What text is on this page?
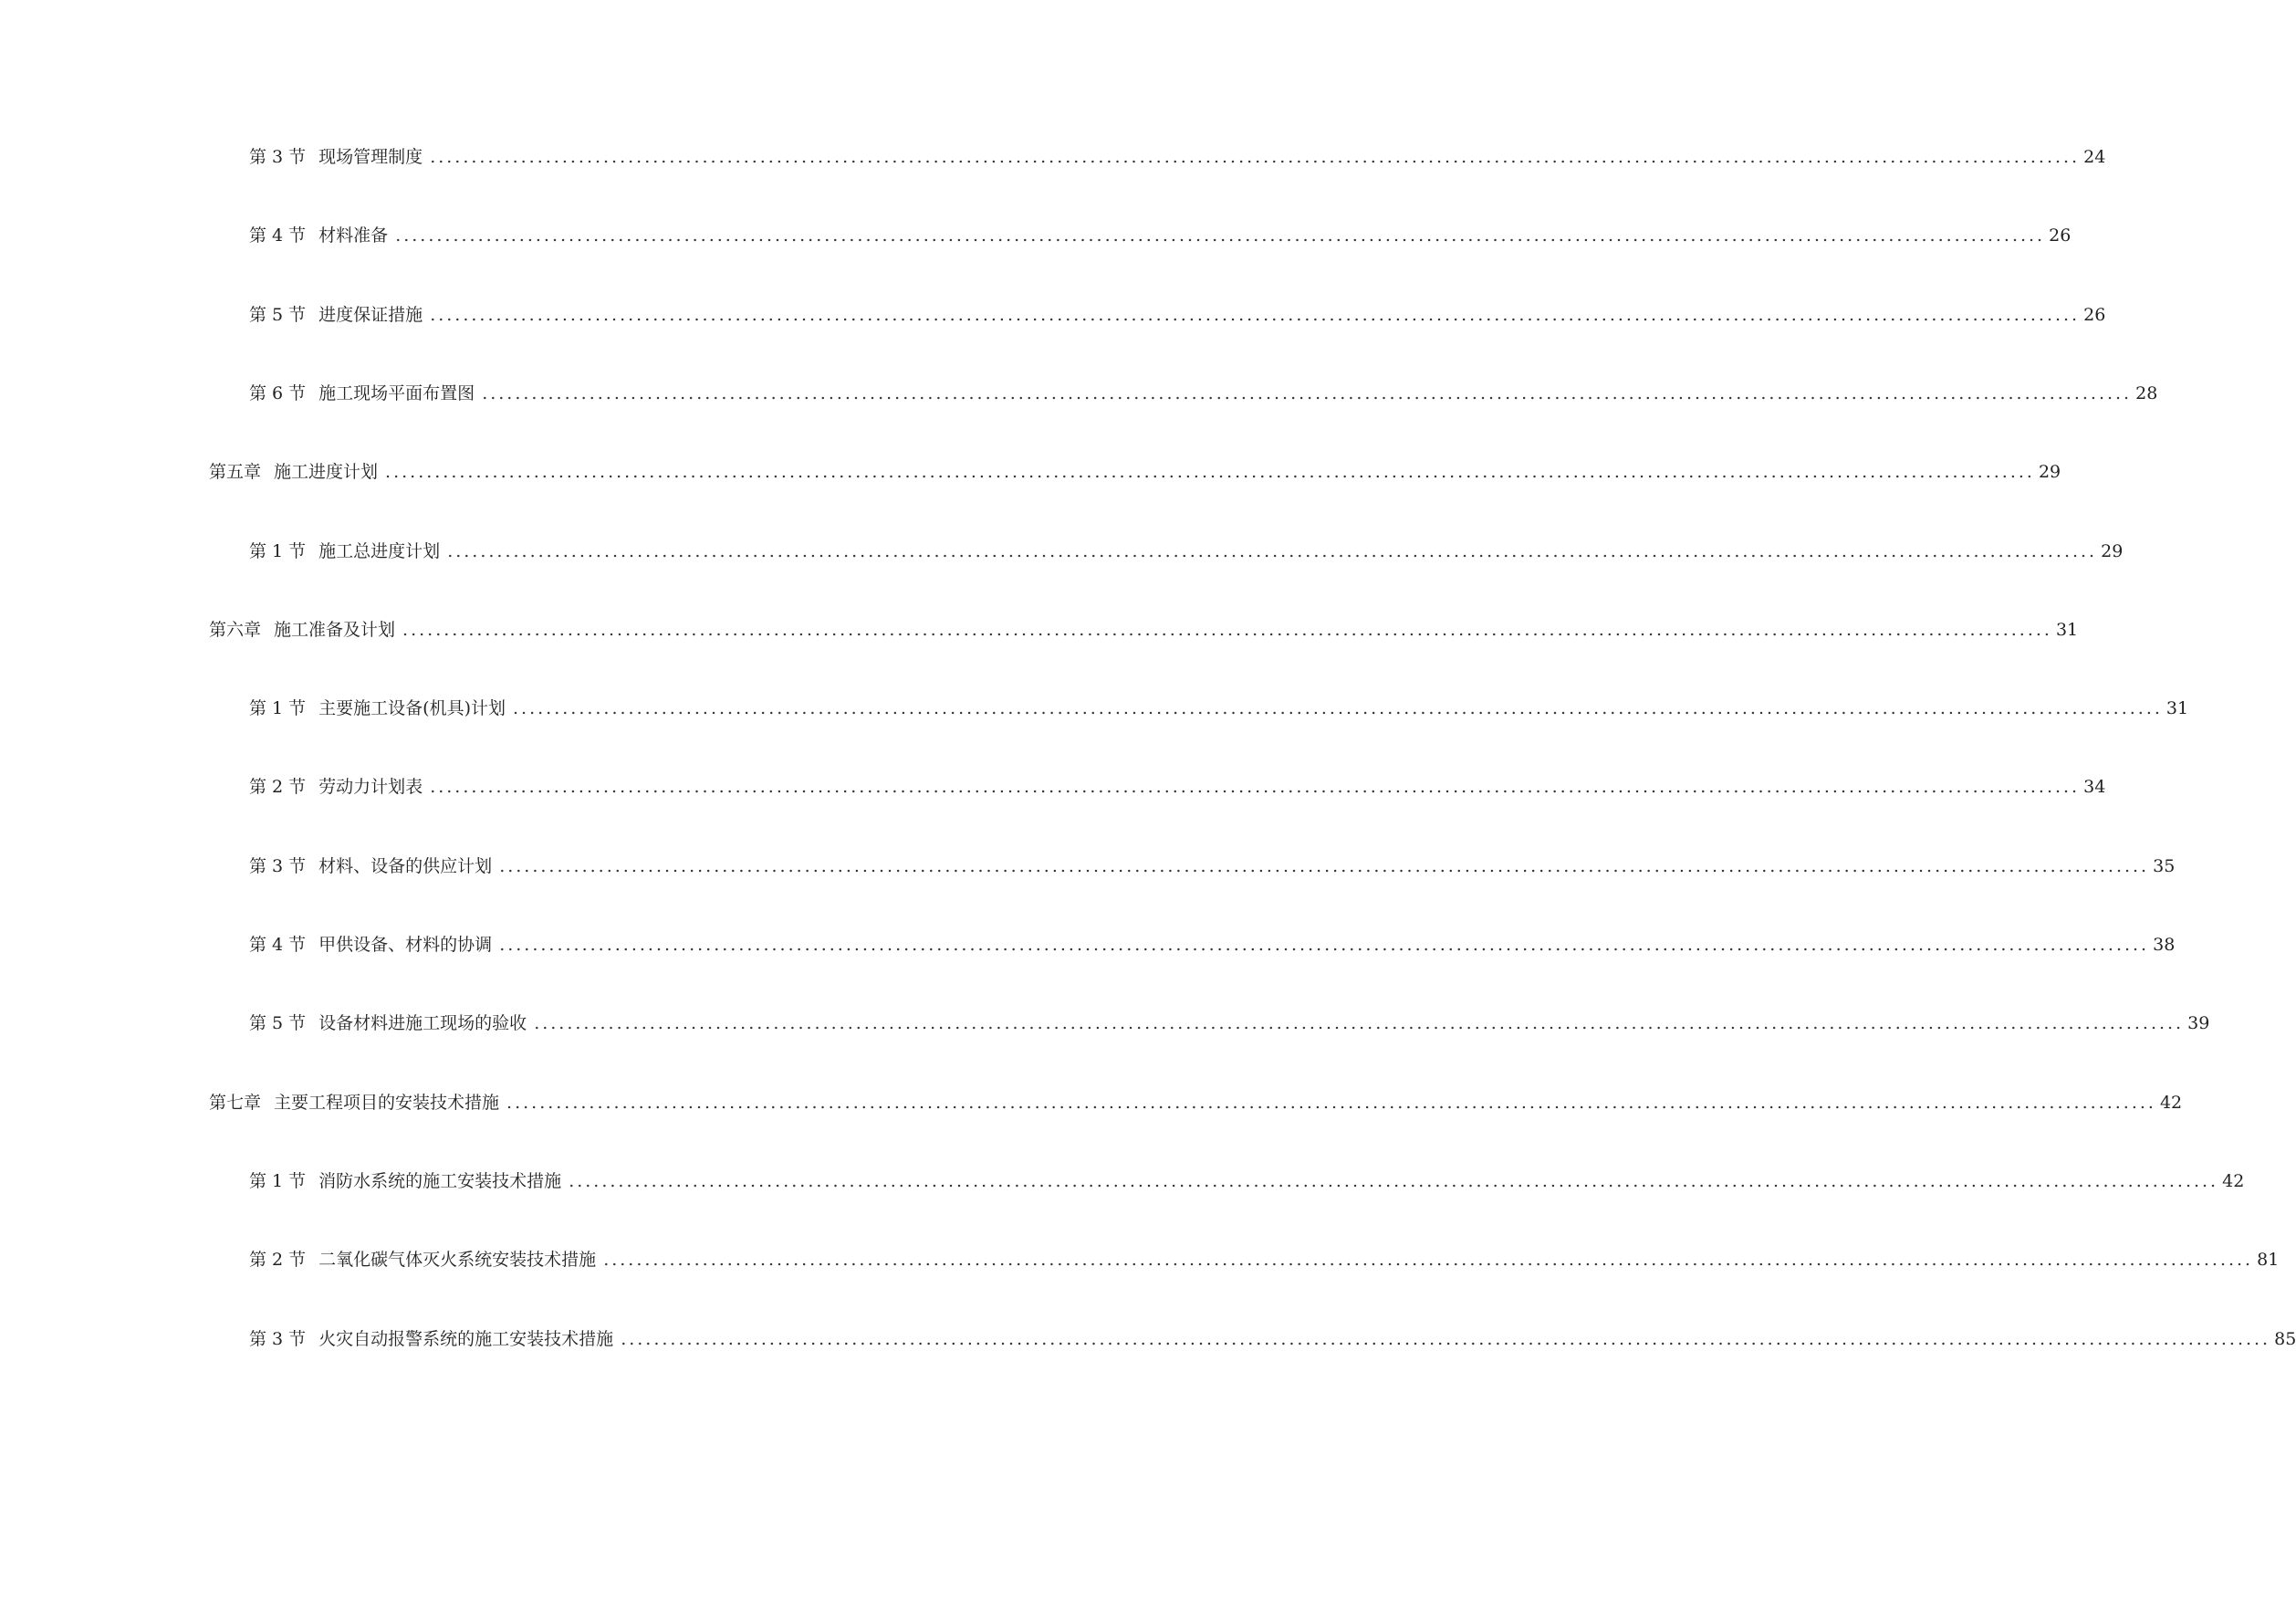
第 3 节 现场管理制度 ........................................................................................................................................................................................................ 24
第 4 节 材料准备 ........................................................................................................................................................................................................ 26
第 5 节 进度保证措施 ........................................................................................................................................................................................................ 26
第 6 节 施工现场平面布置图 ........................................................................................................................................................................................................ 28
第五章 施工进度计划 ........................................................................................................................................................................................................ 29
第 1 节 施工总进度计划 ........................................................................................................................................................................................................ 29
第六章 施工准备及计划 ........................................................................................................................................................................................................ 31
第 1 节 主要施工设备(机具)计划 ........................................................................................................................................................................................................ 31
第 2 节 劳动力计划表 ........................................................................................................................................................................................................ 34
第 3 节 材料、设备的供应计划 ........................................................................................................................................................................................................ 35
第 4 节 甲供设备、材料的协调 ........................................................................................................................................................................................................ 38
第 5 节 设备材料进施工现场的验收 ........................................................................................................................................................................................................ 39
第七章 主要工程项目的安装技术措施 ........................................................................................................................................................................................................ 42
第 1 节 消防水系统的施工安装技术措施 ........................................................................................................................................................................................................ 42
第 2 节 二氧化碳气体灭火系统安装技术措施 ........................................................................................................................................................................................................ 81
第 3 节 火灾自动报警系统的施工安装技术措施 ........................................................................................................................................................................................................ 85
